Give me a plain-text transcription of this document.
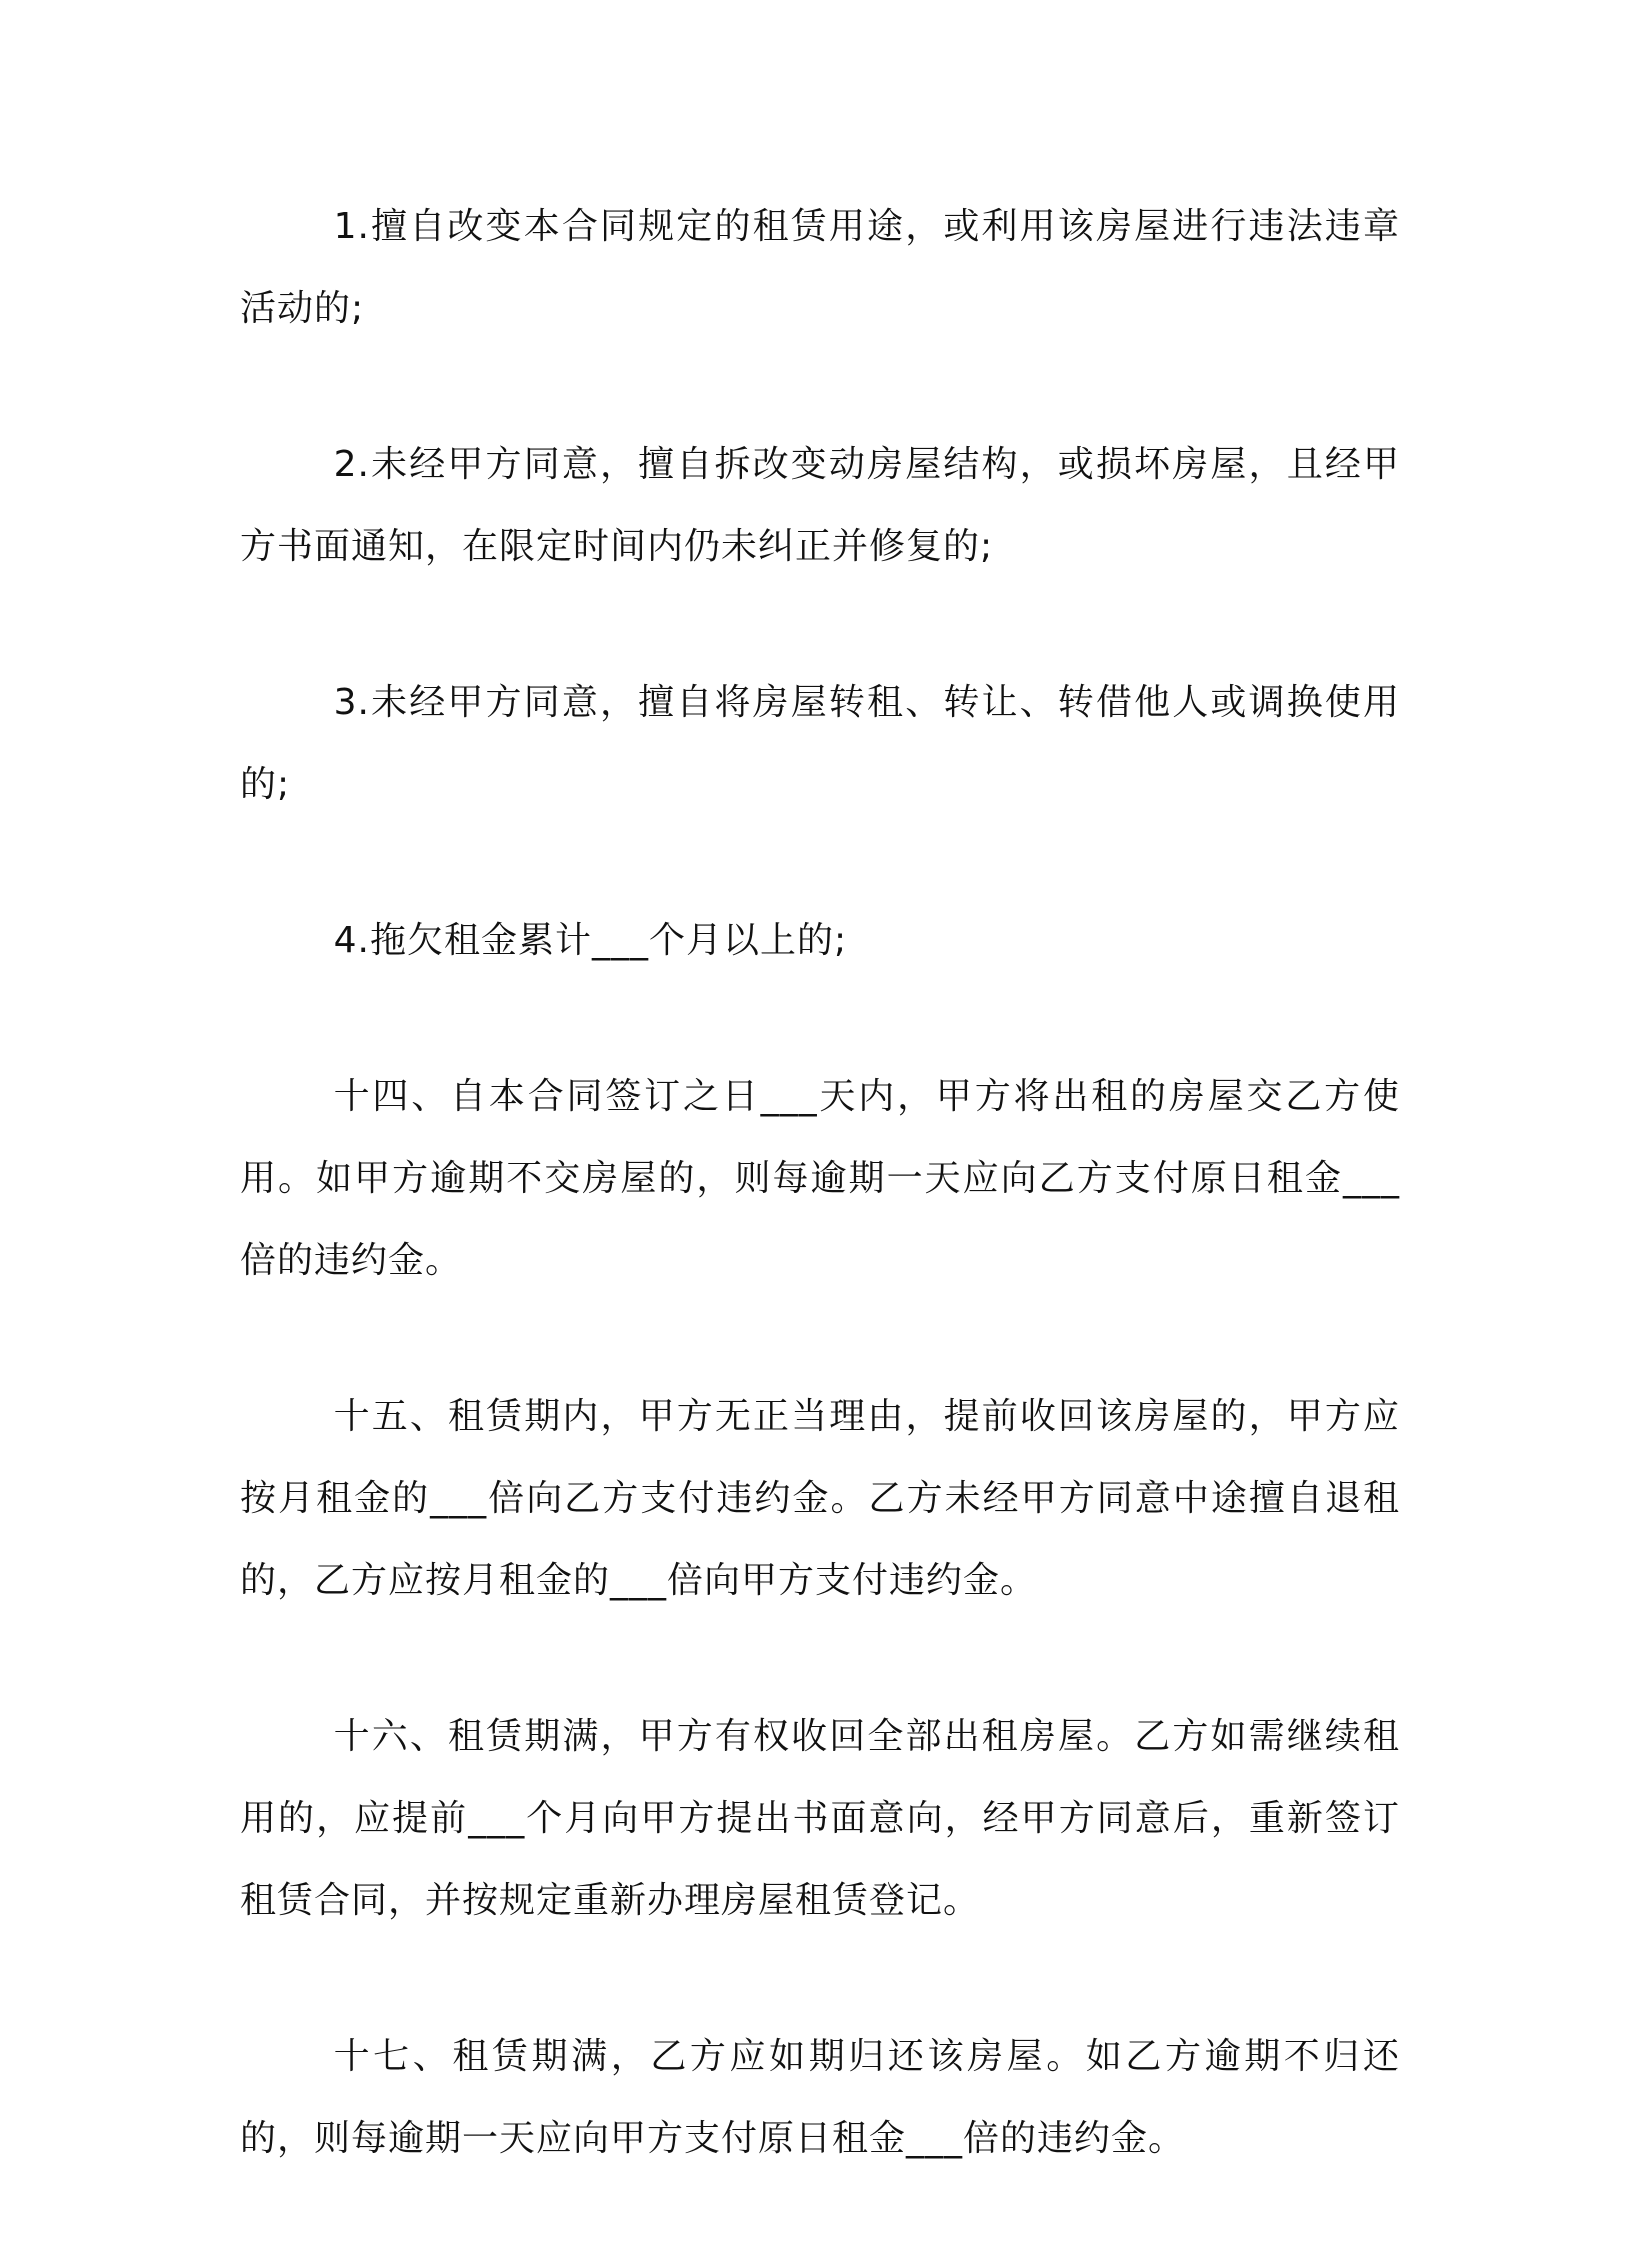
1.擅自改变本合同规定的租赁用途，或利用该房屋进行违法违章活动的;

2.未经甲方同意，擅自拆改变动房屋结构，或损坏房屋，且经甲方书面通知，在限定时间内仍未纠正并修复的;

3.未经甲方同意，擅自将房屋转租、转让、转借他人或调换使用的;

4.拖欠租金累计___个月以上的;

十四、自本合同签订之日___天内，甲方将出租的房屋交乙方使用。如甲方逾期不交房屋的，则每逾期一天应向乙方支付原日租金___倍的违约金。

十五、租赁期内，甲方无正当理由，提前收回该房屋的，甲方应按月租金的___倍向乙方支付违约金。乙方未经甲方同意中途擅自退租的，乙方应按月租金的___倍向甲方支付违约金。

十六、租赁期满，甲方有权收回全部出租房屋。乙方如需继续租用的，应提前___个月向甲方提出书面意向，经甲方同意后，重新签订租赁合同，并按规定重新办理房屋租赁登记。

十七、租赁期满，乙方应如期归还该房屋。如乙方逾期不归还的，则每逾期一天应向甲方支付原日租金___倍的违约金。
